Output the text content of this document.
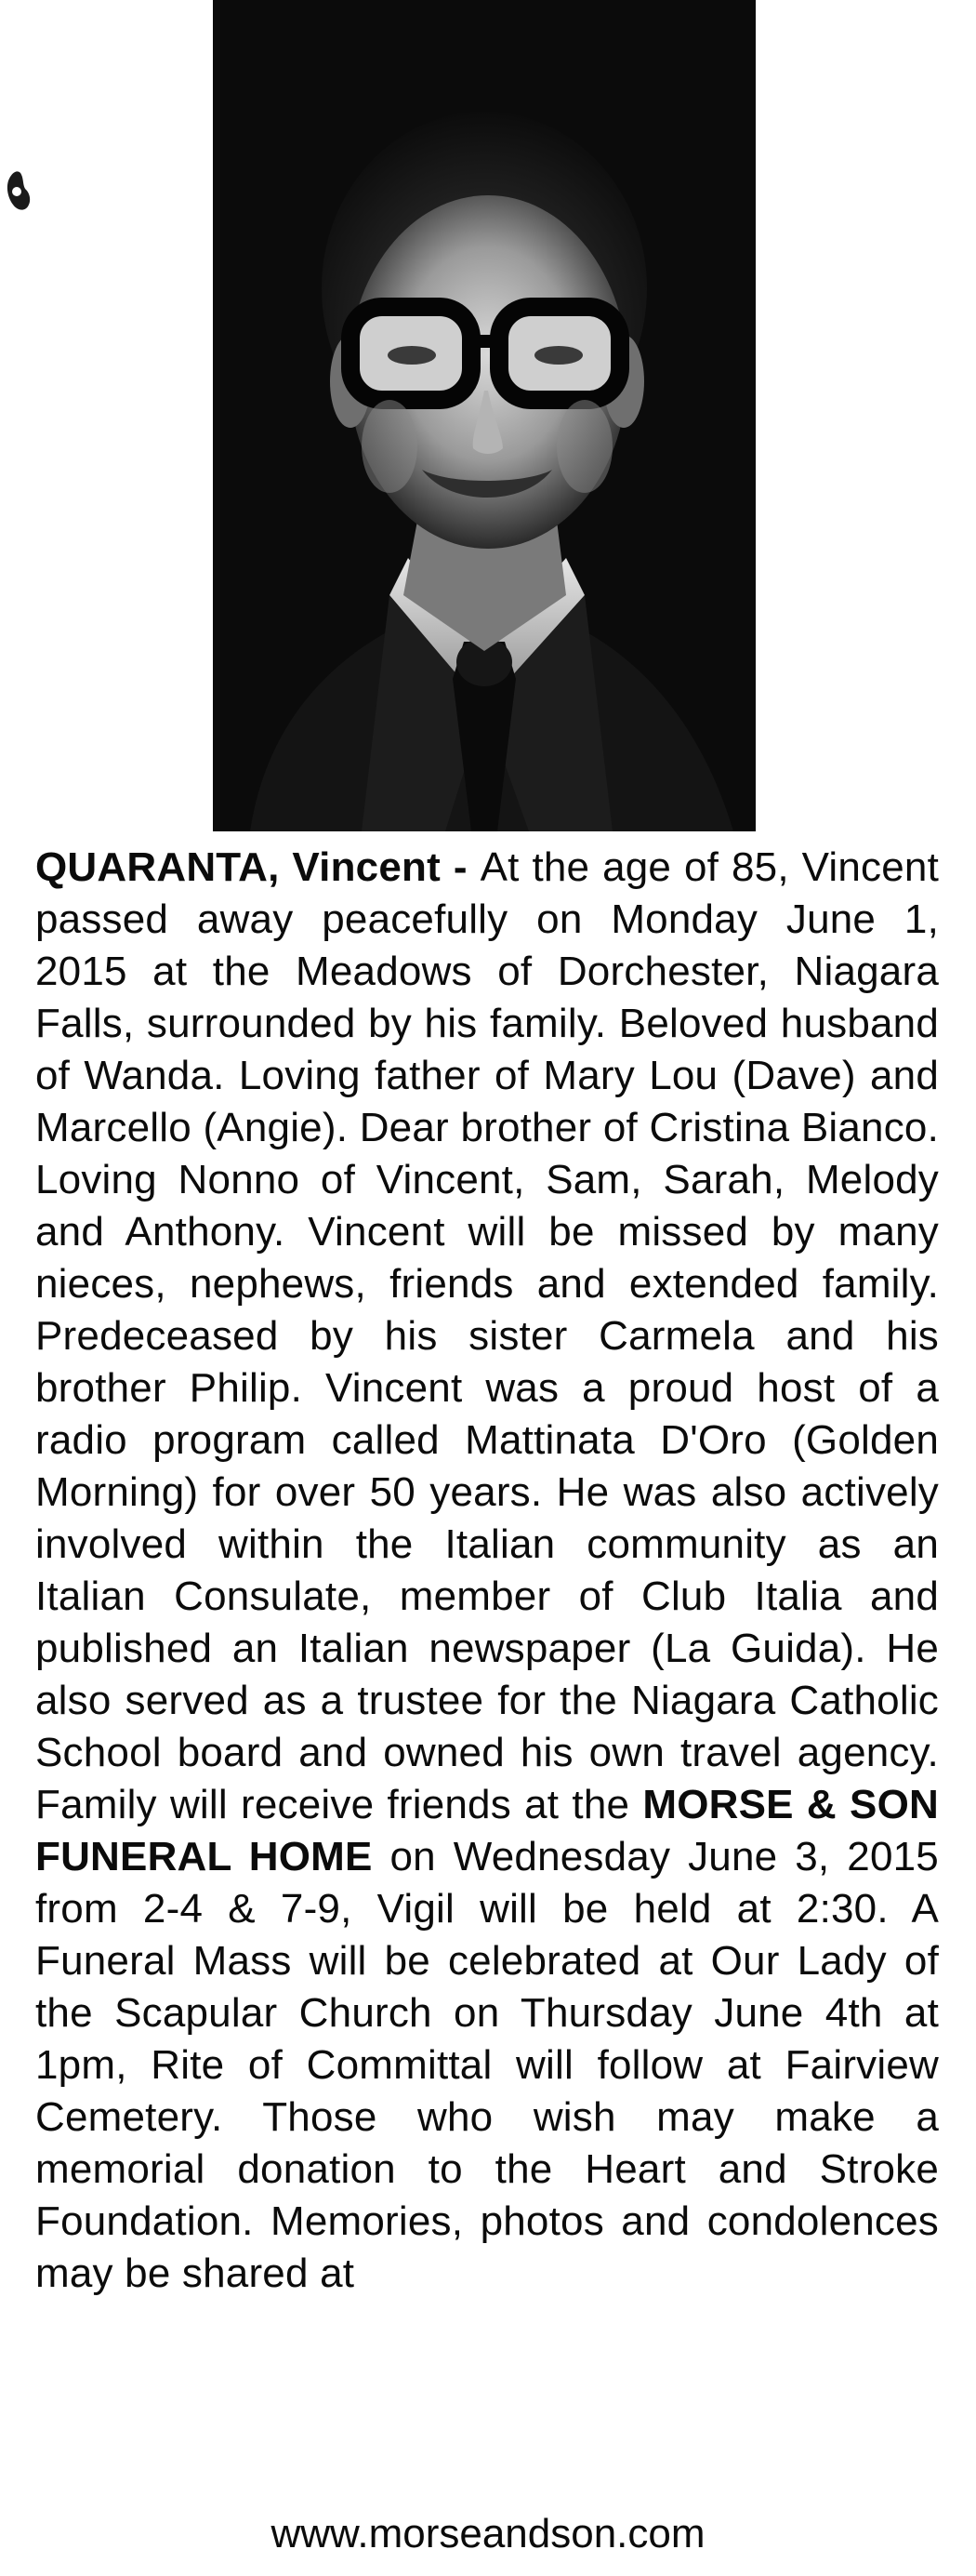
QUARANTA, Vincent - At the age of 85, Vincent passed away peacefully on Monday June 1, 2015 at the Meadows of Dorchester, Niagara Falls, surrounded by his family. Beloved husband of Wanda. Loving father of Mary Lou (Dave) and Marcello (Angie). Dear brother of Cristina Bianco. Loving Nonno of Vincent, Sam, Sarah, Melody and Anthony. Vincent will be missed by many nieces, nephews, friends and extended family. Predeceased by his sister Carmela and his brother Philip. Vincent was a proud host of a radio program called Mattinata D'Oro (Golden Morning) for over 50 years. He was also actively involved within the Italian community as an Italian Consulate, member of Club Italia and published an Italian newspaper (La Guida). He also served as a trustee for the Niagara Catholic School board and owned his own travel agency. Family will receive friends at the MORSE & SON FUNERAL HOME on Wednesday June 3, 2015 from 2-4 & 7-9, Vigil will be held at 2:30. A Funeral Mass will be celebrated at Our Lady of the Scapular Church on Thursday June 4th at 1pm, Rite of Committal will follow at Fairview Cemetery. Those who wish may make a memorial donation to the Heart and Stroke Foundation. Memories, photos and condolences may be shared at

www.morseandson.com
